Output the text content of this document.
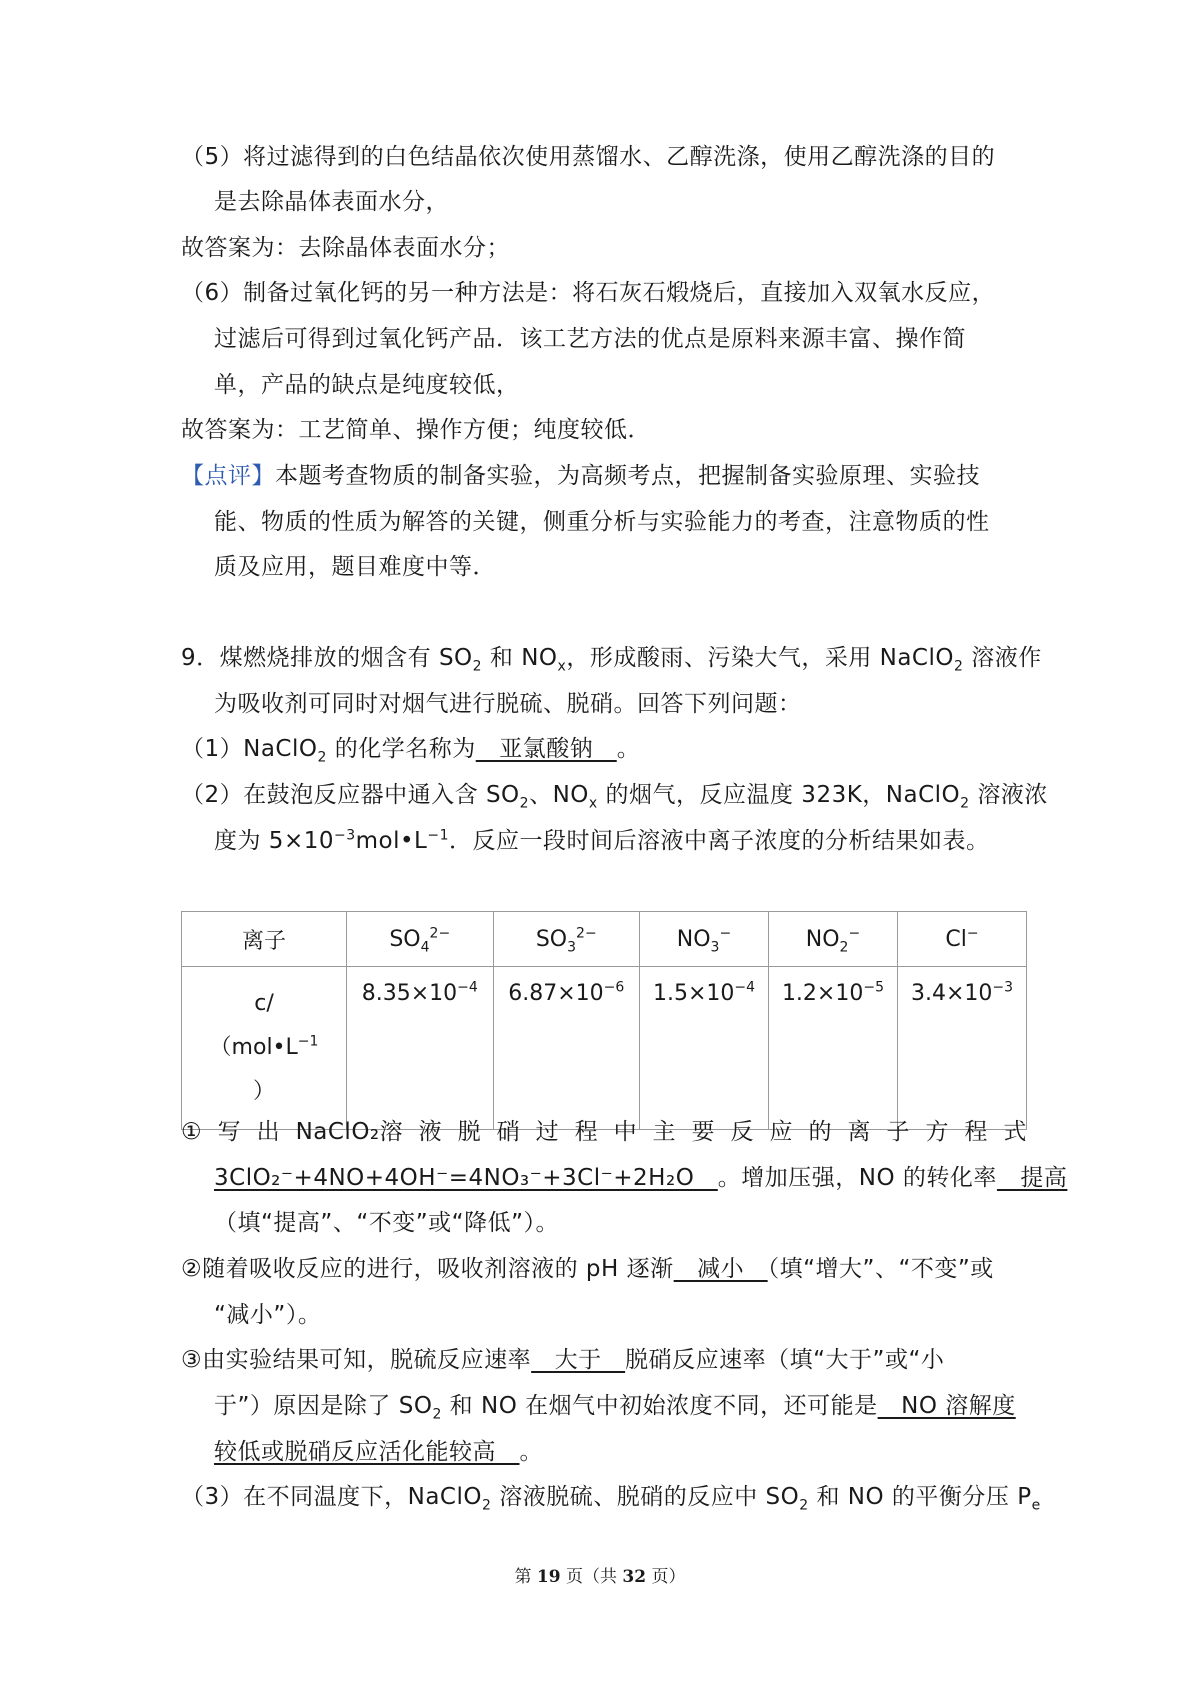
（5）将过滤得到的白色结晶依次使用蒸馏水、乙醇洗涤，使用乙醇洗涤的目的
是去除晶体表面水分，
故答案为：去除晶体表面水分；
（6）制备过氧化钙的另一种方法是：将石灰石煅烧后，直接加入双氧水反应，
过滤后可得到过氧化钙产品．该工艺方法的优点是原料来源丰富、操作简
单，产品的缺点是纯度较低，
故答案为：工艺简单、操作方便；纯度较低．
【点评】本题考查物质的制备实验，为高频考点，把握制备实验原理、实验技
能、物质的性质为解答的关键，侧重分析与实验能力的考查，注意物质的性
质及应用，题目难度中等．
9．煤燃烧排放的烟含有 $SO_2$ 和 $NO_x$，形成酸雨、污染大气，采用 NaClO$_2$ 溶液作
为吸收剂可同时对烟气进行脱硫、脱硝。回答下列问题：
（1）NaClO$_2$ 的化学名称为　亚氯酸钠　。
（2）在鼓泡反应器中通入含 $SO_2$、$NO_x$ 的烟气，反应温度 323K，NaClO$_2$ 溶液浓
度为 $5\times 10^{-3}mol•L^{-1}$．反应一段时间后溶液中离子浓度的分析结果如表。
离子	$SO_4^{2-}$	$SO_3^{2-}$	$NO_3^-$	$NO_2^-$	Cl−

c/
（$mol•L^{-1}$
）	$8.35\times 10^{-4}$	$6.87\times 10^{-6}$	$1.5\times 10^{-4}$	$1.2\times 10^{-5}$	$3.4\times 10^{-3}$
① 写 出 NaClO₂溶 液 脱 硝 过 程 中 主 要 反 应 的 离 子 方 程 式
3ClO₂⁻+4NO+4OH⁻=4NO₃⁻+3Cl⁻+2H₂O　。增加压强，NO 的转化率　提高
（填“提高”、“不变”或“降低”）。
②随着吸收反应的进行，吸收剂溶液的 pH 逐渐　减小　（填“增大”、“不变”或
“减小”）。
③由实验结果可知，脱硫反应速率　大于　脱硝反应速率（填“大于”或“小
于”）原因是除了 $SO_2$ 和 NO 在烟气中初始浓度不同，还可能是　NO 溶解度
较低或脱硝反应活化能较高　。
（3）在不同温度下，NaClO$_2$ 溶液脱硫、脱硝的反应中 $SO_2$ 和 NO 的平衡分压 $P_e$
第 19 页（共 32 页）
